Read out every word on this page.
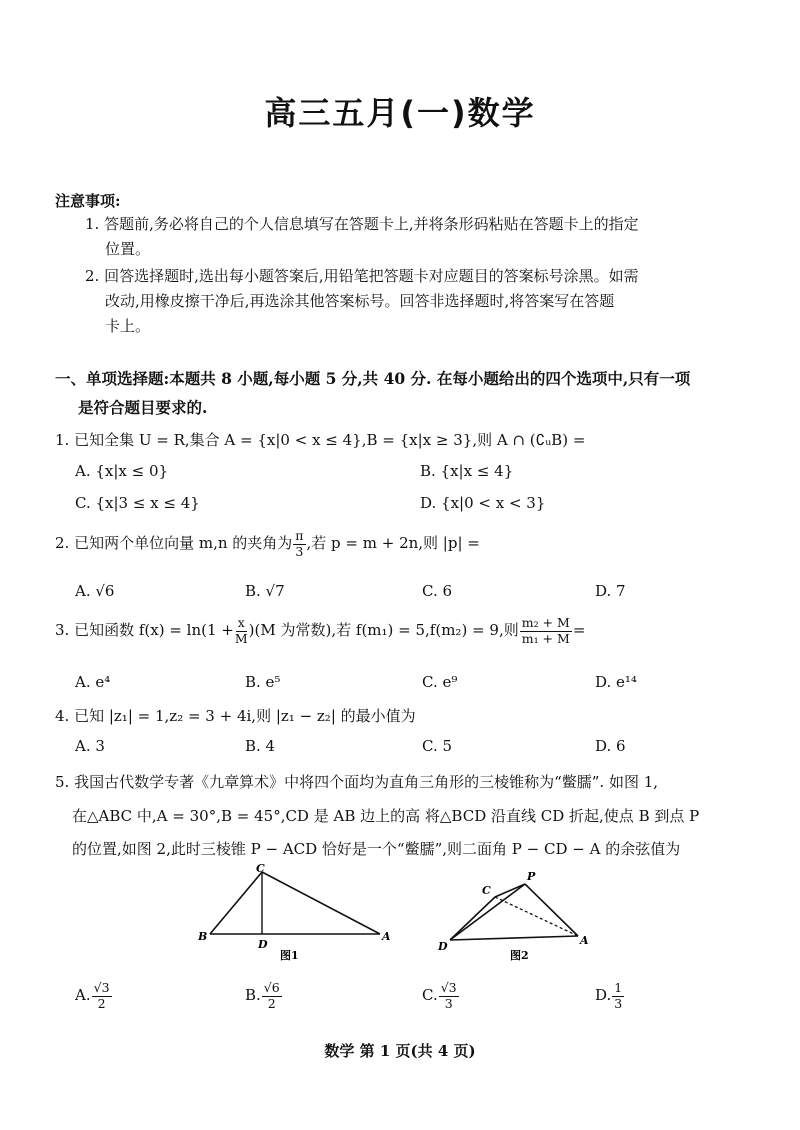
高三五月(一)数学
注意事项:
1. 答题前,务必将自己的个人信息填写在答题卡上,并将条形码粘贴在答题卡上的指定
位置。
2. 回答选择题时,选出每小题答案后,用铅笔把答题卡对应题目的答案标号涂黑。如需
改动,用橡皮擦干净后,再选涂其他答案标号。回答非选择题时,将答案写在答题
卡上。
一、单项选择题:本题共 8 小题,每小题 5 分,共 40 分. 在每小题给出的四个选项中,只有一项
是符合题目要求的.
1. 已知全集 U = R,集合 A = {x|0 < x ≤ 4},B = {x|x ≥ 3},则 A ∩ (∁ᵤB) =
A. {x|x ≤ 0}	B. {x|x ≤ 4}
C. {x|3 ≤ x ≤ 4}	D. {x|0 < x < 3}
2. 已知两个单位向量 m,n 的夹角为 $\frac{\pi}{3}$ ,若 p = m + 2n,则 |p| =
A. √6	B. √7	C. 6	D. 7
3. 已知函数 $f(x) = \ln(1 + \frac{x}{M} )(M$ 为常数),若 f(m₁) = 5,f(m₂) = 9,则 $\frac{\text{m₂ + M}}{\text{m₁ + M}}$ =
A. e⁴	B. e⁵	C. e⁹	D. e¹⁴
4. 已知 |z₁| = 1,z₂ = 3 + 4i,则 |z₁ − z₂| 的最小值为
A. 3	B. 4	C. 5	D. 6
5. 我国古代数学专著《九章算术》中将四个面均为直角三角形的三棱锥称为“鳖臑”. 如图 1,
在△ABC 中,A = 30°,B = 45°,CD 是 AB 边上的高 将△BCD 沿直线 CD 折起,使点 B 到点 P
的位置,如图 2,此时三棱锥 P − ACD 恰好是一个“鳖臑”,则二面角 P − CD − A 的余弦值为
C
B
D
A
图1
C
P
D	A
图2
A. $\frac{√3}{2}$	B. $\frac{√6}{2}$	C. $\frac{√3}{3}$	D. $\frac{1}{3}$
数学 第 1 页(共 4 页)
